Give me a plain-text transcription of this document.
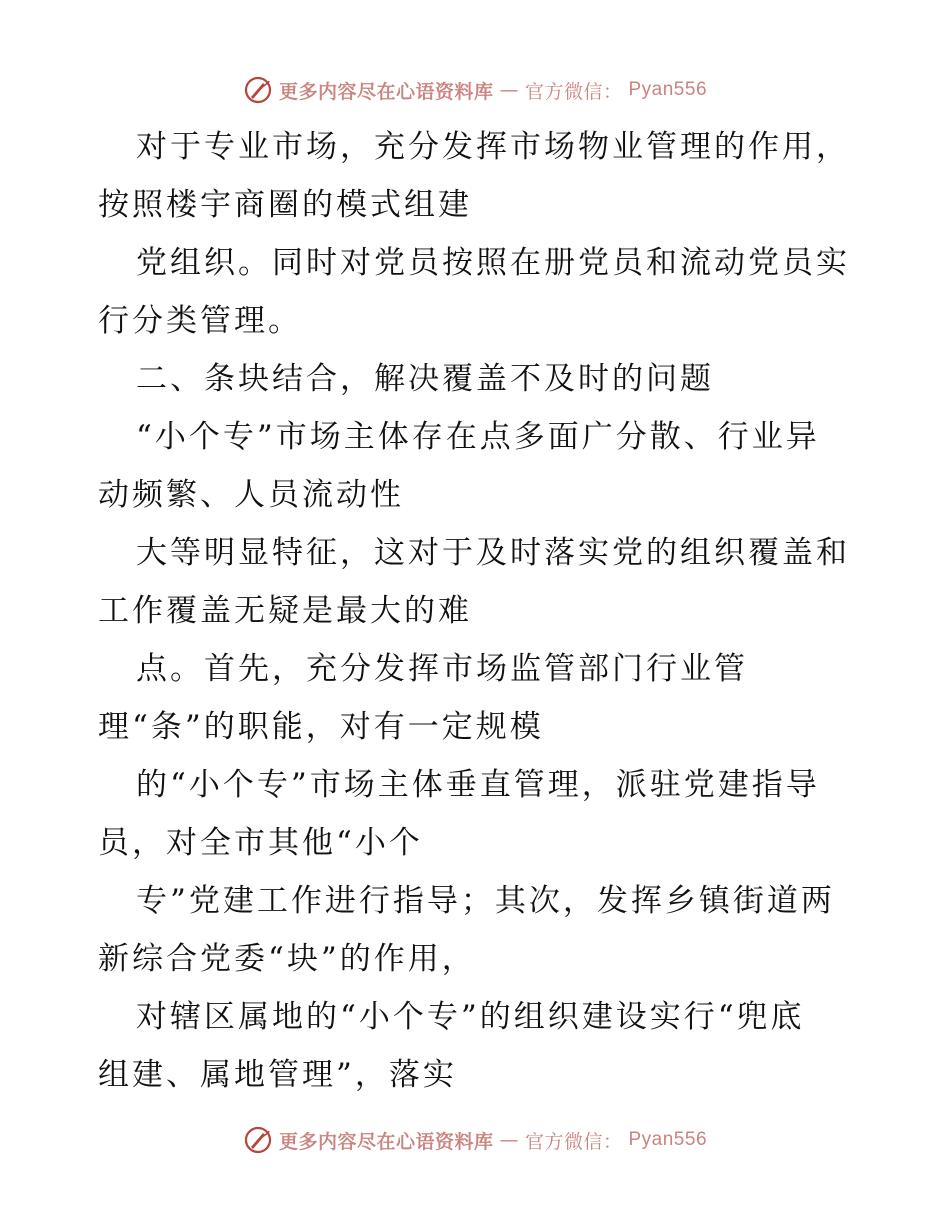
更多内容尽在心语资料库 — 官方微信： Pyan556
对于专业市场，充分发挥市场物业管理的作用，
按照楼宇商圈的模式组建
党组织。同时对党员按照在册党员和流动党员实
行分类管理。
二、条块结合，解决覆盖不及时的问题
“小个专”市场主体存在点多面广分散、行业异
动频繁、人员流动性
大等明显特征，这对于及时落实党的组织覆盖和
工作覆盖无疑是最大的难
点。首先，充分发挥市场监管部门行业管
理“条”的职能，对有一定规模
的“小个专”市场主体垂直管理，派驻党建指导
员，对全市其他“小个
专”党建工作进行指导；其次，发挥乡镇街道两
新综合党委“块”的作用，
对辖区属地的“小个专”的组织建设实行“兜底
组建、属地管理”，落实
更多内容尽在心语资料库 — 官方微信： Pyan556
